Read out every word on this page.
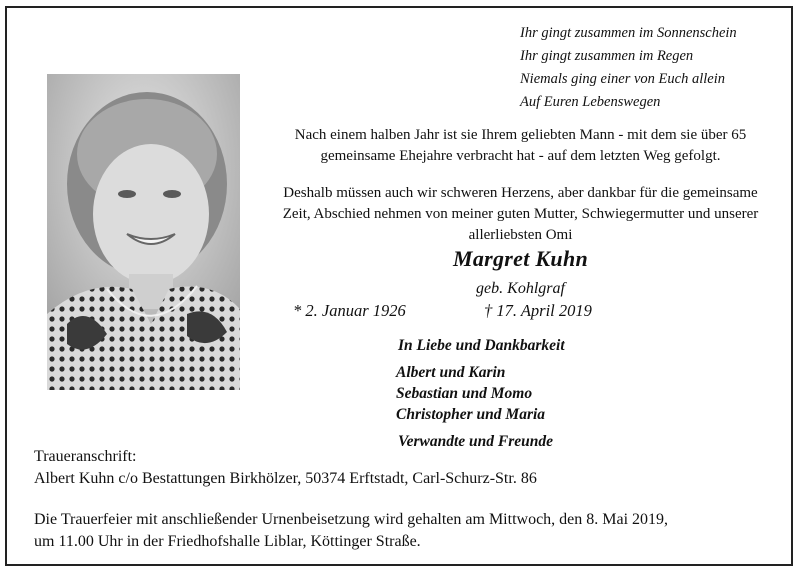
Ihr gingt zusammen im Sonnenschein
Ihr gingt zusammen im Regen
Niemals ging einer von Euch allein
Auf Euren Lebenswegen
Nach einem halben Jahr ist sie Ihrem geliebten Mann - mit dem sie über 65
gemeinsame Ehejahre verbracht hat - auf dem letzten Weg gefolgt.
Deshalb müssen auch wir schweren Herzens, aber dankbar für die gemeinsame
Zeit, Abschied nehmen von meiner guten Mutter, Schwiegermutter und unserer
allerliebsten Omi
Margret Kuhn
geb. Kohlgraf
* 2. Januar 1926	† 17. April 2019
In Liebe und Dankbarkeit
Albert und Karin
Sebastian und Momo
Christopher und Maria
Verwandte und Freunde
Traueranschrift:
Albert Kuhn c/o Bestattungen Birkhölzer, 50374 Erftstadt, Carl-Schurz-Str. 86
Die Trauerfeier mit anschließender Urnenbeisetzung wird gehalten am Mittwoch, den 8. Mai 2019,
um 11.00 Uhr in der Friedhofshalle Liblar, Köttinger Straße.
